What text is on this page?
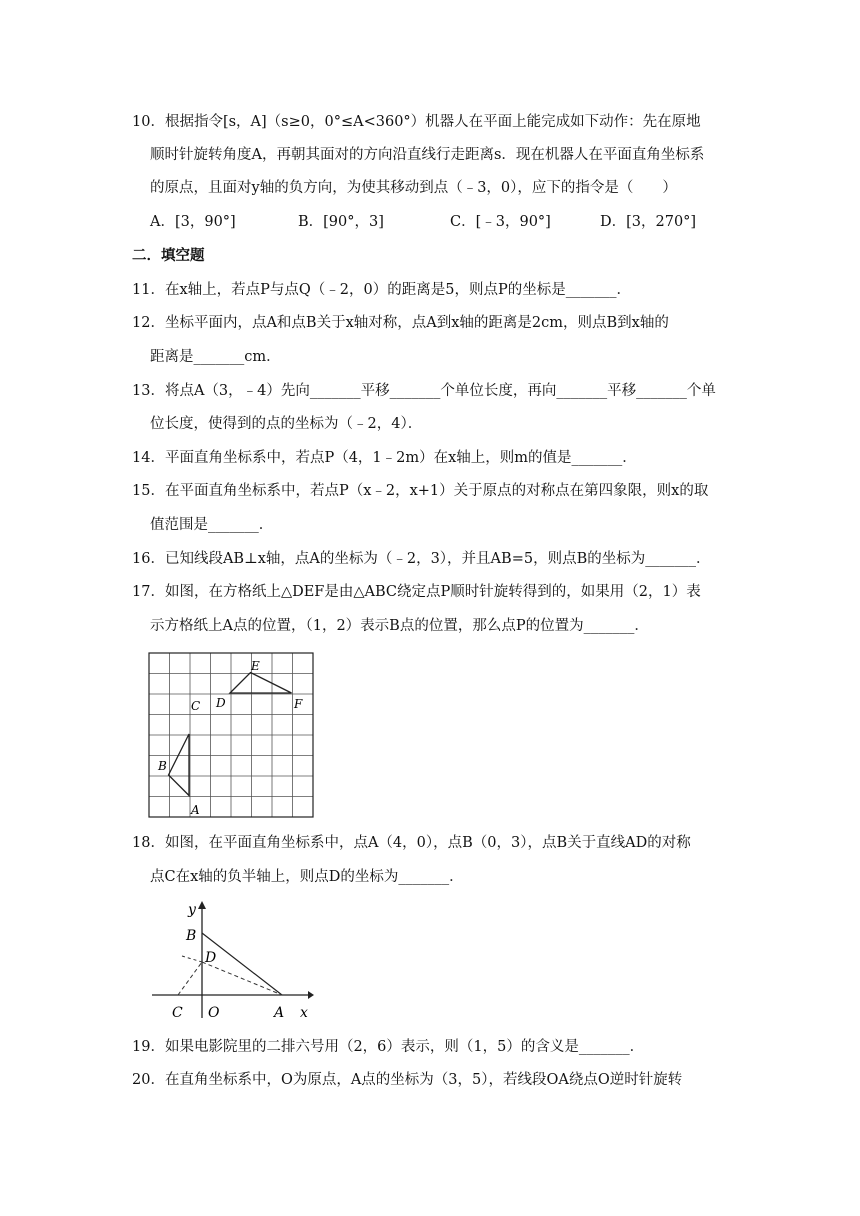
10．根据指令[s，A]（s≥0，0°≤A<360°）机器人在平面上能完成如下动作：先在原地
顺时针旋转角度A，再朝其面对的方向沿直线行走距离s．现在机器人在平面直角坐标系
的原点，且面对y轴的负方向，为使其移动到点（﹣3，0），应下的指令是（　　）
A．[3，90°]	B．[90°，3]	C．[﹣3，90°]	D．[3，270°]
二．填空题
11．在x轴上，若点P与点Q（﹣2，0）的距离是5，则点P的坐标是_______．
12．坐标平面内，点A和点B关于x轴对称，点A到x轴的距离是2cm，则点B到x轴的
距离是_______cm．
13．将点A（3，﹣4）先向_______平移_______个单位长度，再向_______平移_______个单
位长度，使得到的点的坐标为（﹣2，4）．
14．平面直角坐标系中，若点P（4，1﹣2m）在x轴上，则m的值是_______．
15．在平面直角坐标系中，若点P（x﹣2，x+1）关于原点的对称点在第四象限，则x的取
值范围是_______．
16．已知线段AB⊥x轴，点A的坐标为（﹣2，3），并且AB=5，则点B的坐标为_______．
17．如图，在方格纸上△DEF是由△ABC绕定点P顺时针旋转得到的，如果用（2，1）表
示方格纸上A点的位置，（1，2）表示B点的位置，那么点P的位置为_______．
A
B
C D
E
F
18．如图，在平面直角坐标系中，点A（4，0），点B（0，3），点B关于直线AD的对称
点C在x轴的负半轴上，则点D的坐标为_______．
y
x
B
D
C O	A
19．如果电影院里的二排六号用（2，6）表示，则（1，5）的含义是_______．
20．在直角坐标系中，O为原点，A点的坐标为（3，5），若线段OA绕点O逆时针旋转
